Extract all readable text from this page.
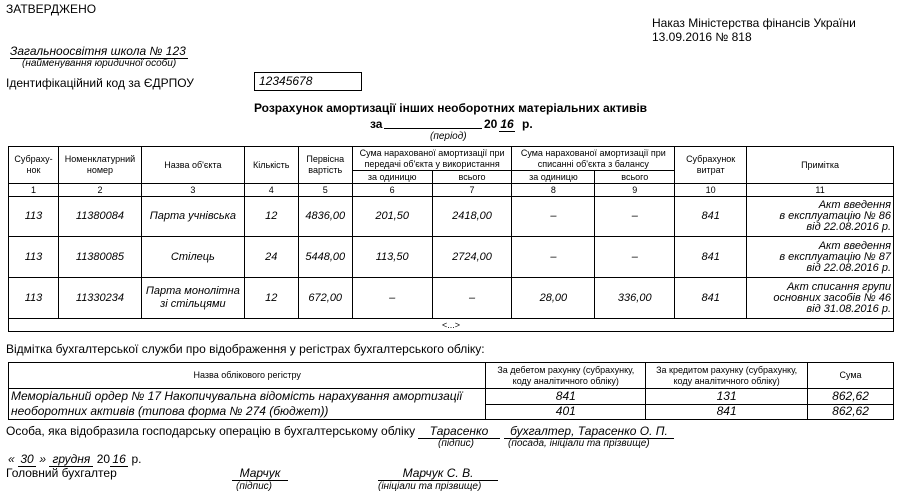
ЗАТВЕРДЖЕНО
Наказ Міністерства фінансів України
13.09.2016 № 818
Загальноосвітня школа № 123
(найменування юридичної особи)
Ідентифікаційний код за ЄДРПОУ	12345678
Розрахунок амортизації інших необоротних матеріальних активів
за	20 16 р.
(період)
Субраху-нок	Номенклатурний номер	Назва об'єкта	Кількість	Первісна вартість	Сума нарахованої амортизації при передачі об'єкта у використання		Сума нарахованої амортизації при списанні об'єкта з балансу		Субрахунок витрат	Примітка
					за одиницю	всього	за одиницю	всього		
1	2	3	4	5	6	7	8	9	10	11
113	11380084	Парта учнівська	12	4836,00	201,50	2418,00	–	–	841	Акт введення
в експлуатацію № 86
від 22.08.2016 р.

113	11380085	Стілець	24	5448,00	113,50	2724,00	–	–	841	Акт введення
в експлуатацію № 87
від 22.08.2016 р.

113	11330234	Парта монолітна зі стільцями	12	672,00	–	–	28,00	336,00	841	Акт списання групи
основних засобів № 46
від 31.08.2016 р.

<...>										
Відмітка бухгалтерської служби про відображення у регістрах бухгалтерського обліку:
Назва облікового регістру	За дебетом рахунку (субрахунку, коду аналітичного обліку)	За кредитом рахунку (субрахунку, коду аналітичного обліку)	Сума
Меморіальний ордер № 17 Накопичувальна відомість нарахування амортизації необоротних активів (типова форма № 274 (бюджет))	841	131	862,62
	401	841	862,62
Особа, яка відобразила господарську операцію в бухгалтерському обліку	Тарасенко
(підпис)
бухгалтер, Тарасенко О. П.
(посада, ініціали та прізвище)
« 30 » грудня 20 16 р.
Головний бухгалтер	Марчук
(підпис)
Марчук С. В.
(ініціали та прізвище)
